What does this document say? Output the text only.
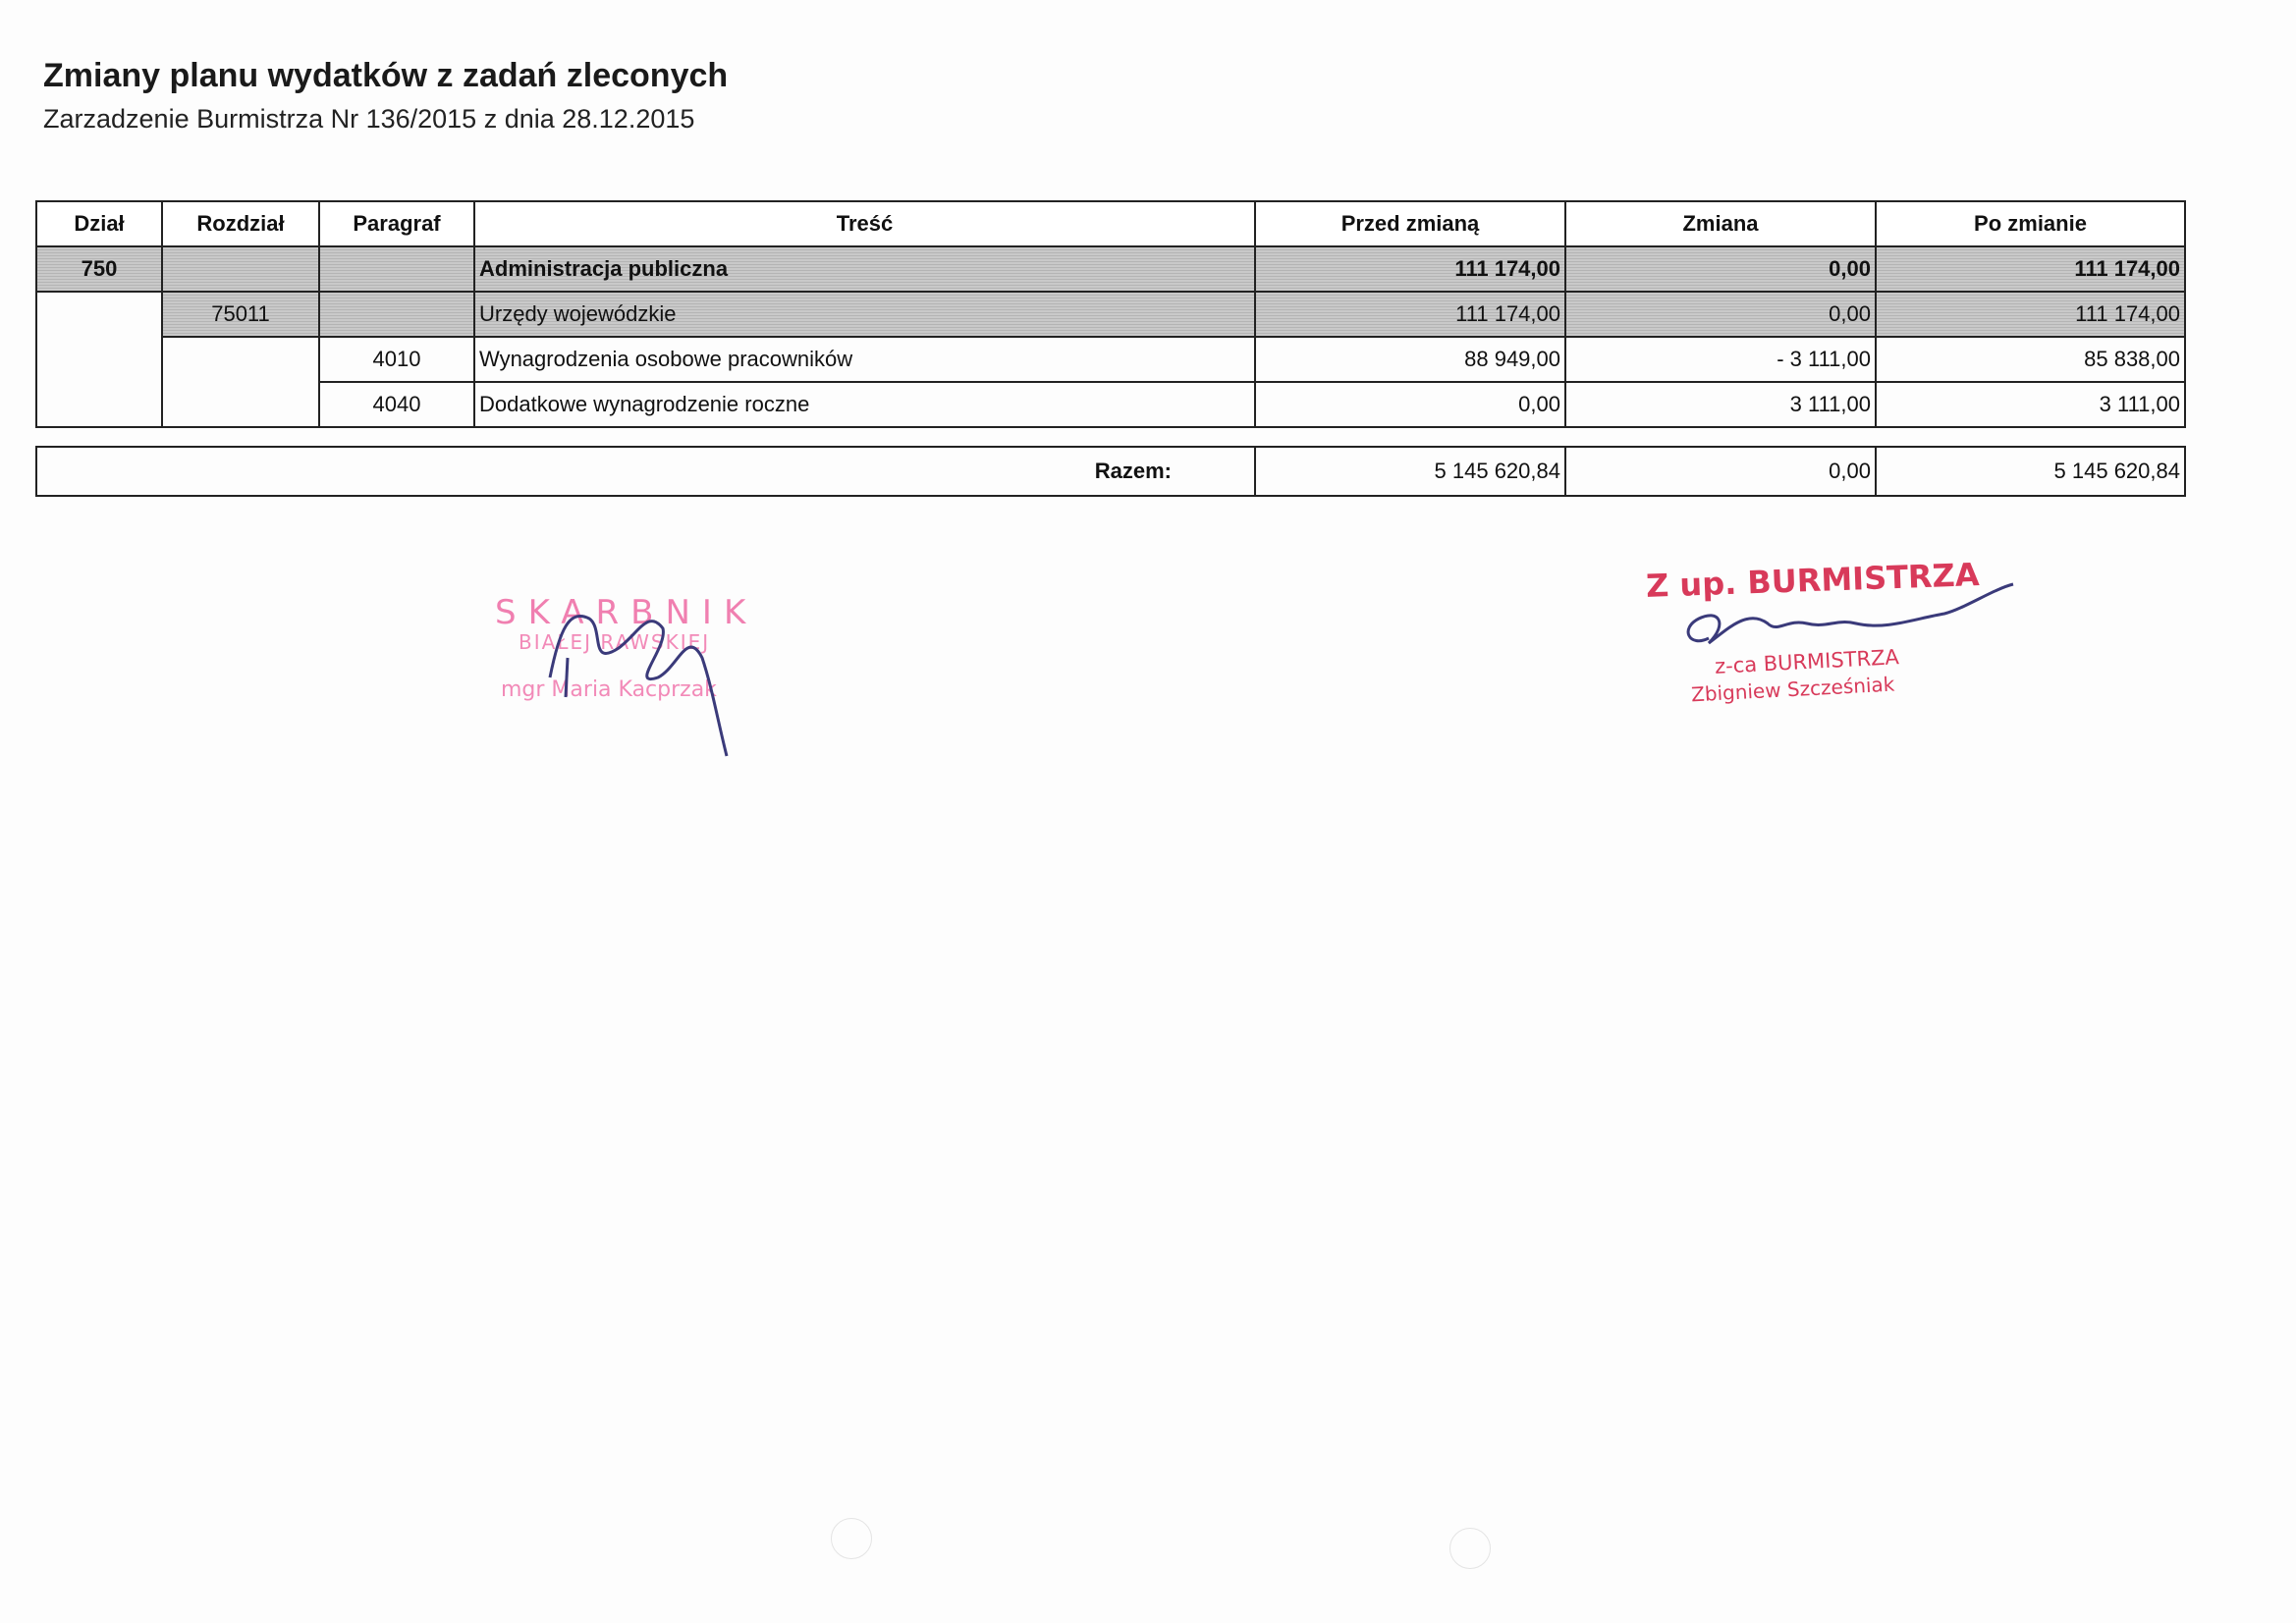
Zmiany planu wydatków z zadań zleconych
Zarzadzenie Burmistrza Nr 136/2015 z dnia 28.12.2015
Dział	Rozdział	Paragraf	Treść	Przed zmianą	Zmiana	Po zmianie
750			Administracja publiczna	111 174,00	0,00	111 174,00
	75011		Urzędy wojewódzkie	111 174,00	0,00	111 174,00
		4010	Wynagrodzenia osobowe pracowników	88 949,00	- 3 111,00	85 838,00
		4040	Dodatkowe wynagrodzenie roczne	0,00	3 111,00	3 111,00
Razem:	5 145 620,84	0,00	5 145 620,84
SKARBNIK
BIAŁEJ RAWSKIEJ
mgr Maria Kacprzak
Z up. BURMISTRZA
z-ca BURMISTRZA
Zbigniew Szcześniak
